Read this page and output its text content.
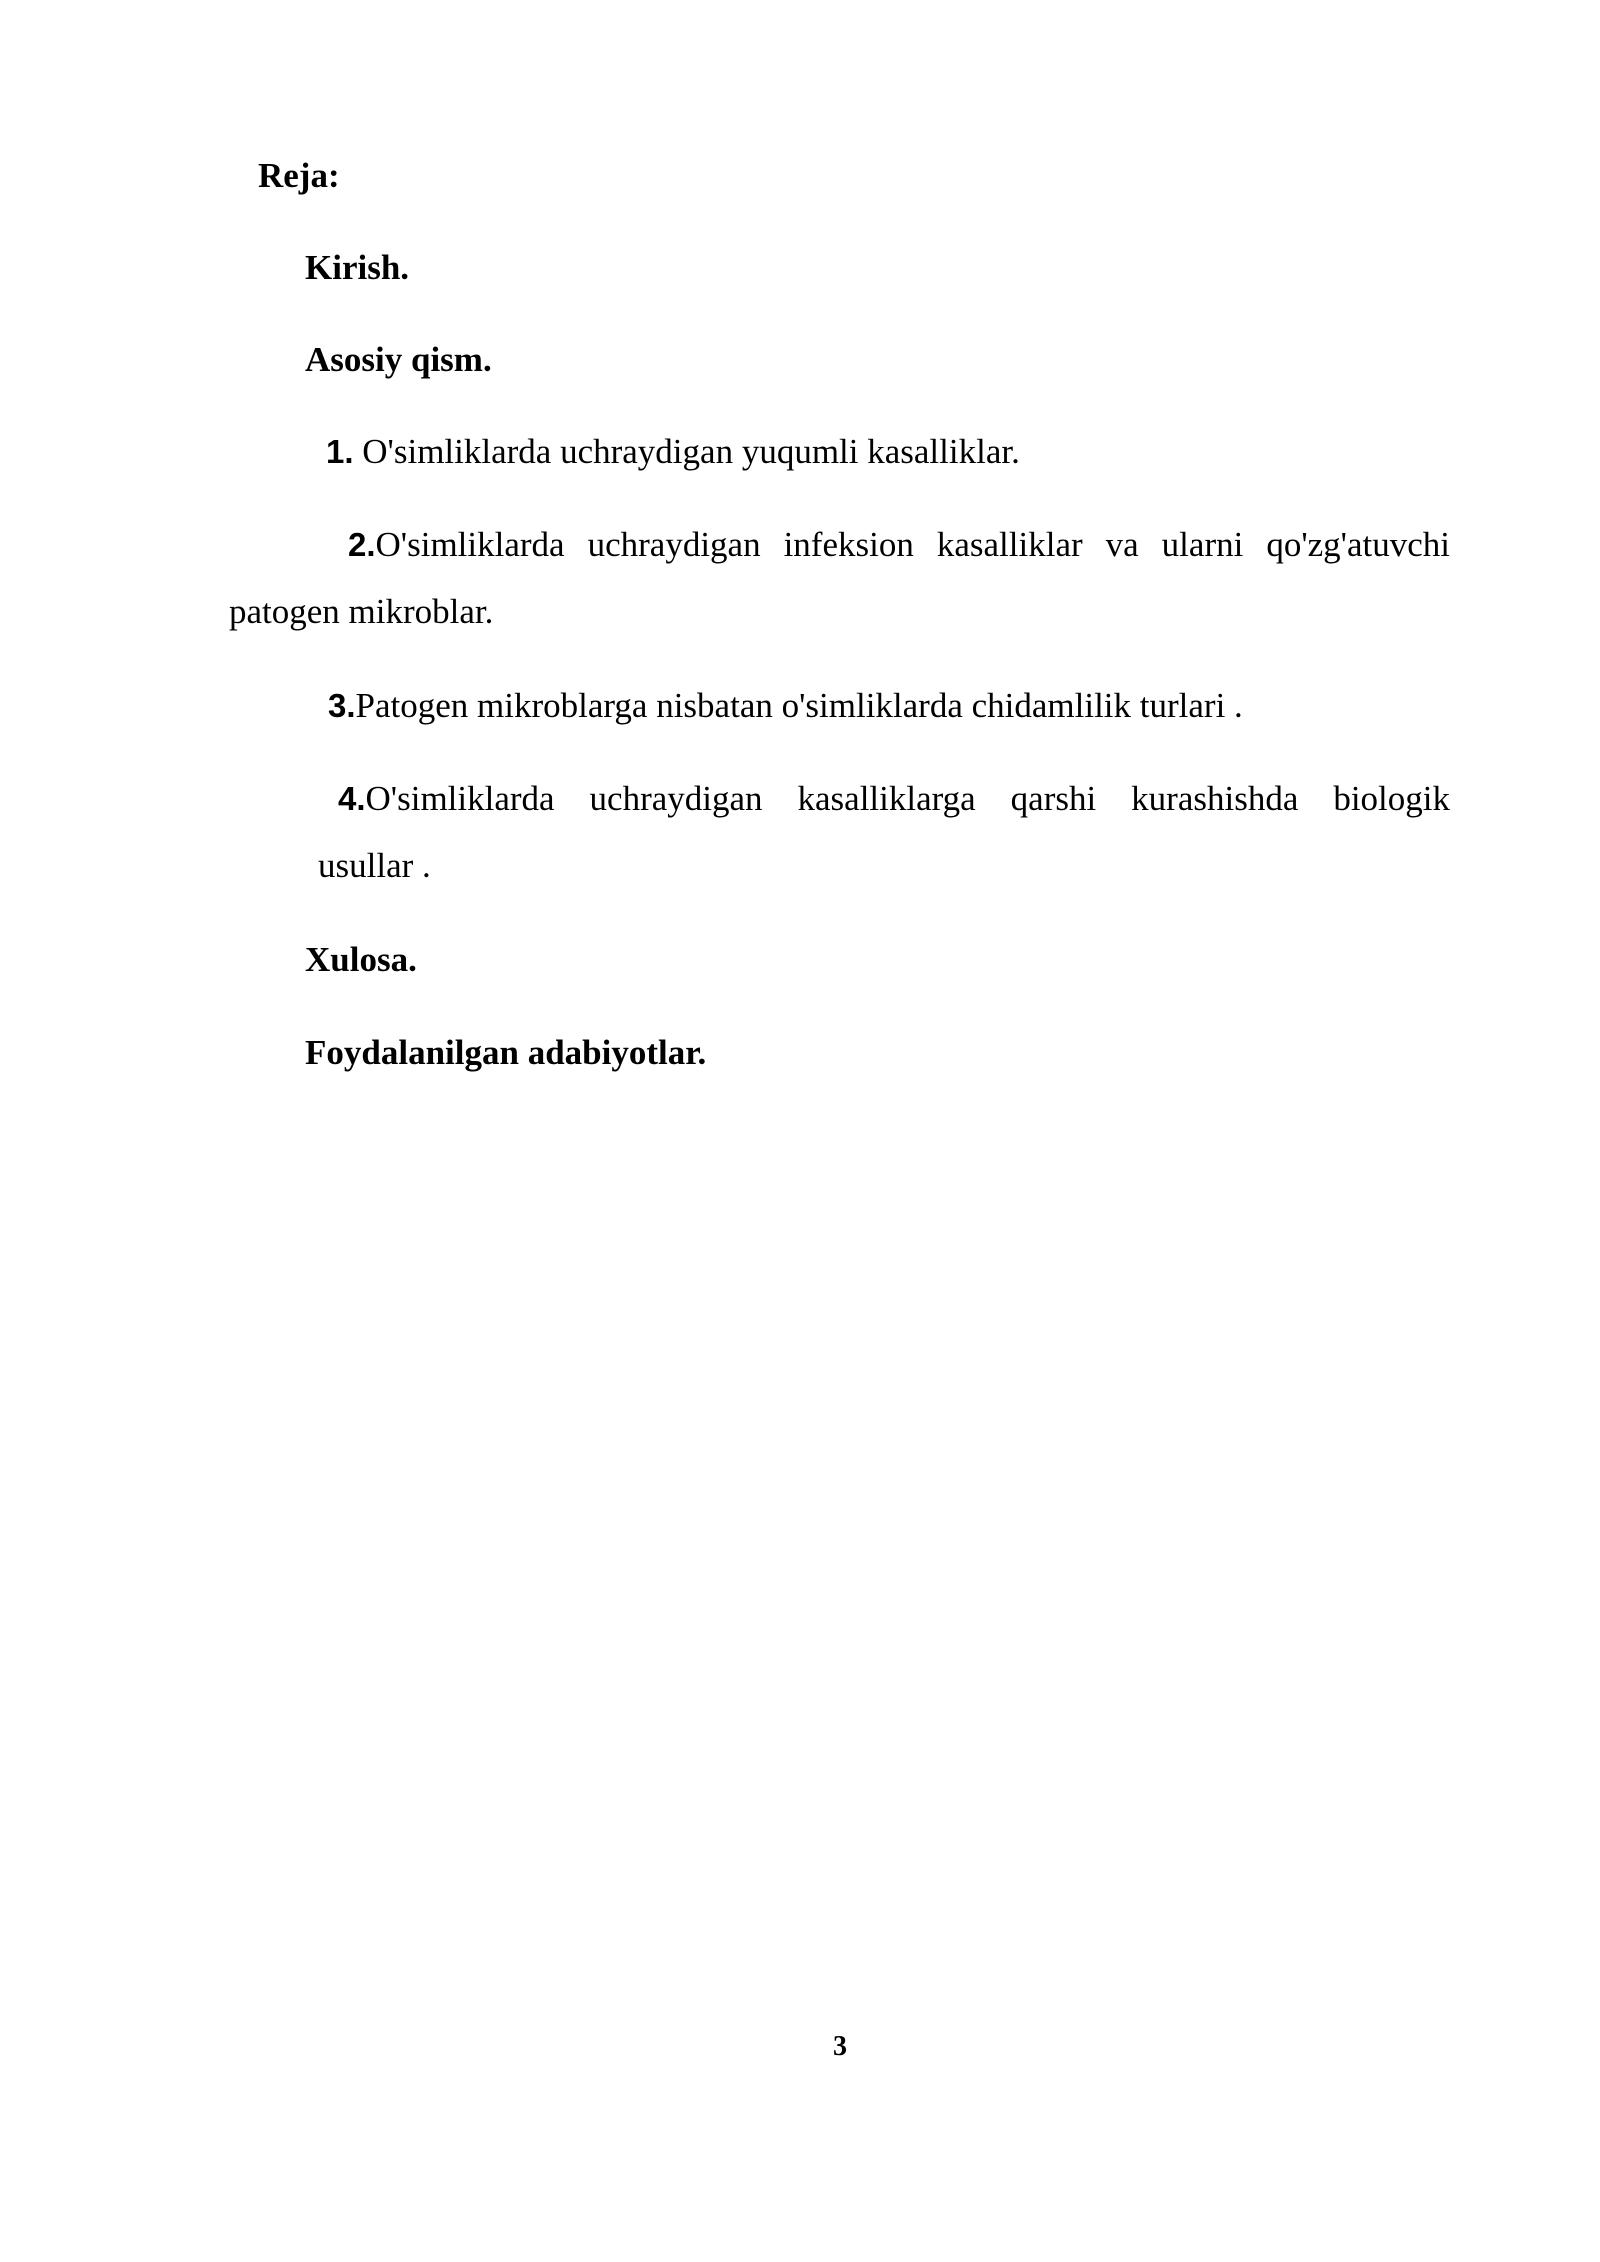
Reja:

Kirish.

Asosiy qism.

1. O'simliklarda uchraydigan yuqumli kasalliklar.

2.O'simliklarda uchraydigan infeksion kasalliklar va ularni qo'zg'atuvchi

patogen mikroblar.

3.Patogen mikroblarga nisbatan o'simliklarda chidamlilik turlari .

4.O'simliklarda uchraydigan kasalliklarga qarshi kurashishda biologik

usullar .

Xulosa.

Foydalanilgan adabiyotlar.

3
